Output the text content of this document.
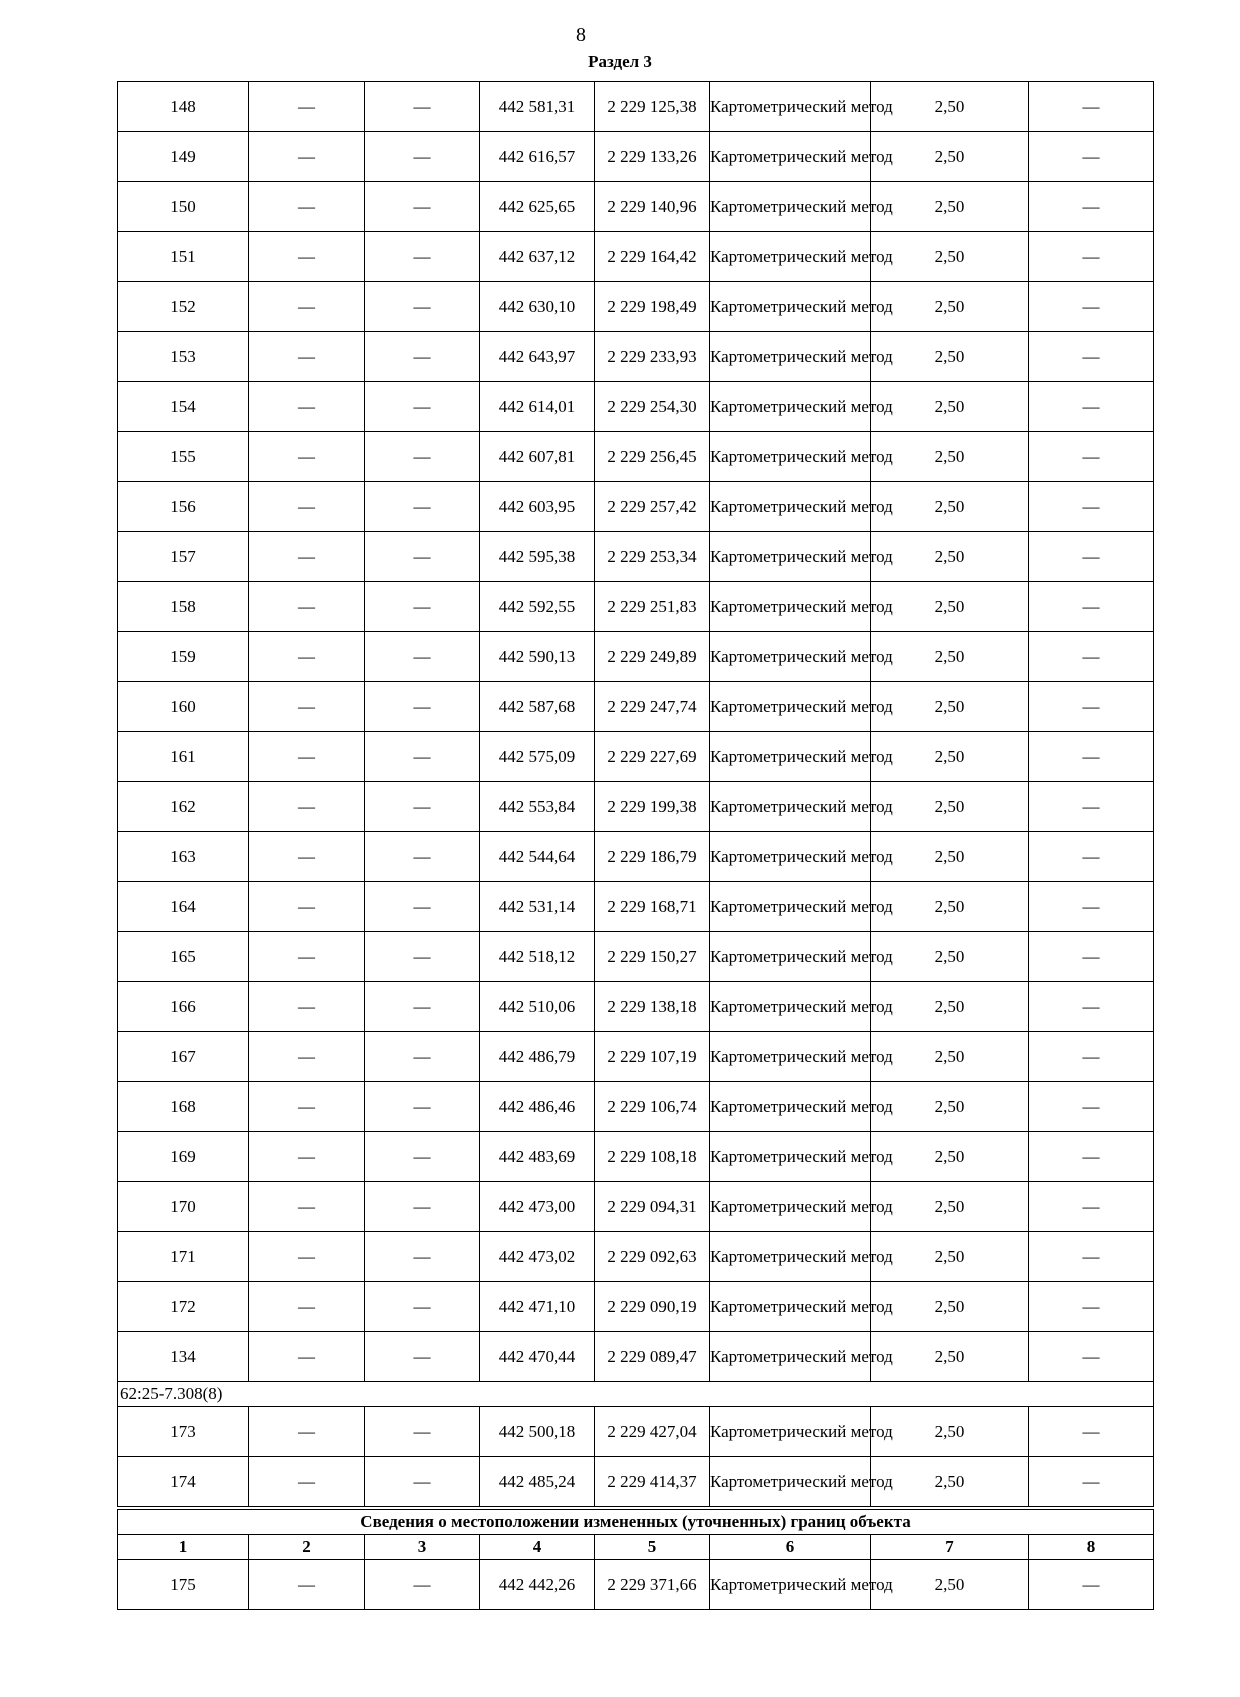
8
Раздел 3
148	—	—	442 581,31	2 229 125,38	Картометрический метод	2,50	—
149	—	—	442 616,57	2 229 133,26	Картометрический метод	2,50	—
150	—	—	442 625,65	2 229 140,96	Картометрический метод	2,50	—
151	—	—	442 637,12	2 229 164,42	Картометрический метод	2,50	—
152	—	—	442 630,10	2 229 198,49	Картометрический метод	2,50	—
153	—	—	442 643,97	2 229 233,93	Картометрический метод	2,50	—
154	—	—	442 614,01	2 229 254,30	Картометрический метод	2,50	—
155	—	—	442 607,81	2 229 256,45	Картометрический метод	2,50	—
156	—	—	442 603,95	2 229 257,42	Картометрический метод	2,50	—
157	—	—	442 595,38	2 229 253,34	Картометрический метод	2,50	—
158	—	—	442 592,55	2 229 251,83	Картометрический метод	2,50	—
159	—	—	442 590,13	2 229 249,89	Картометрический метод	2,50	—
160	—	—	442 587,68	2 229 247,74	Картометрический метод	2,50	—
161	—	—	442 575,09	2 229 227,69	Картометрический метод	2,50	—
162	—	—	442 553,84	2 229 199,38	Картометрический метод	2,50	—
163	—	—	442 544,64	2 229 186,79	Картометрический метод	2,50	—
164	—	—	442 531,14	2 229 168,71	Картометрический метод	2,50	—
165	—	—	442 518,12	2 229 150,27	Картометрический метод	2,50	—
166	—	—	442 510,06	2 229 138,18	Картометрический метод	2,50	—
167	—	—	442 486,79	2 229 107,19	Картометрический метод	2,50	—
168	—	—	442 486,46	2 229 106,74	Картометрический метод	2,50	—
169	—	—	442 483,69	2 229 108,18	Картометрический метод	2,50	—
170	—	—	442 473,00	2 229 094,31	Картометрический метод	2,50	—
171	—	—	442 473,02	2 229 092,63	Картометрический метод	2,50	—
172	—	—	442 471,10	2 229 090,19	Картометрический метод	2,50	—
134	—	—	442 470,44	2 229 089,47	Картометрический метод	2,50	—
62:25-7.308(8)							
173	—	—	442 500,18	2 229 427,04	Картометрический метод	2,50	—
174	—	—	442 485,24	2 229 414,37	Картометрический метод	2,50	—
Сведения о местоположении измененных (уточненных) границ объекта							
1	2	3	4	5	6	7	8
175	—	—	442 442,26	2 229 371,66	Картометрический метод	2,50	—
